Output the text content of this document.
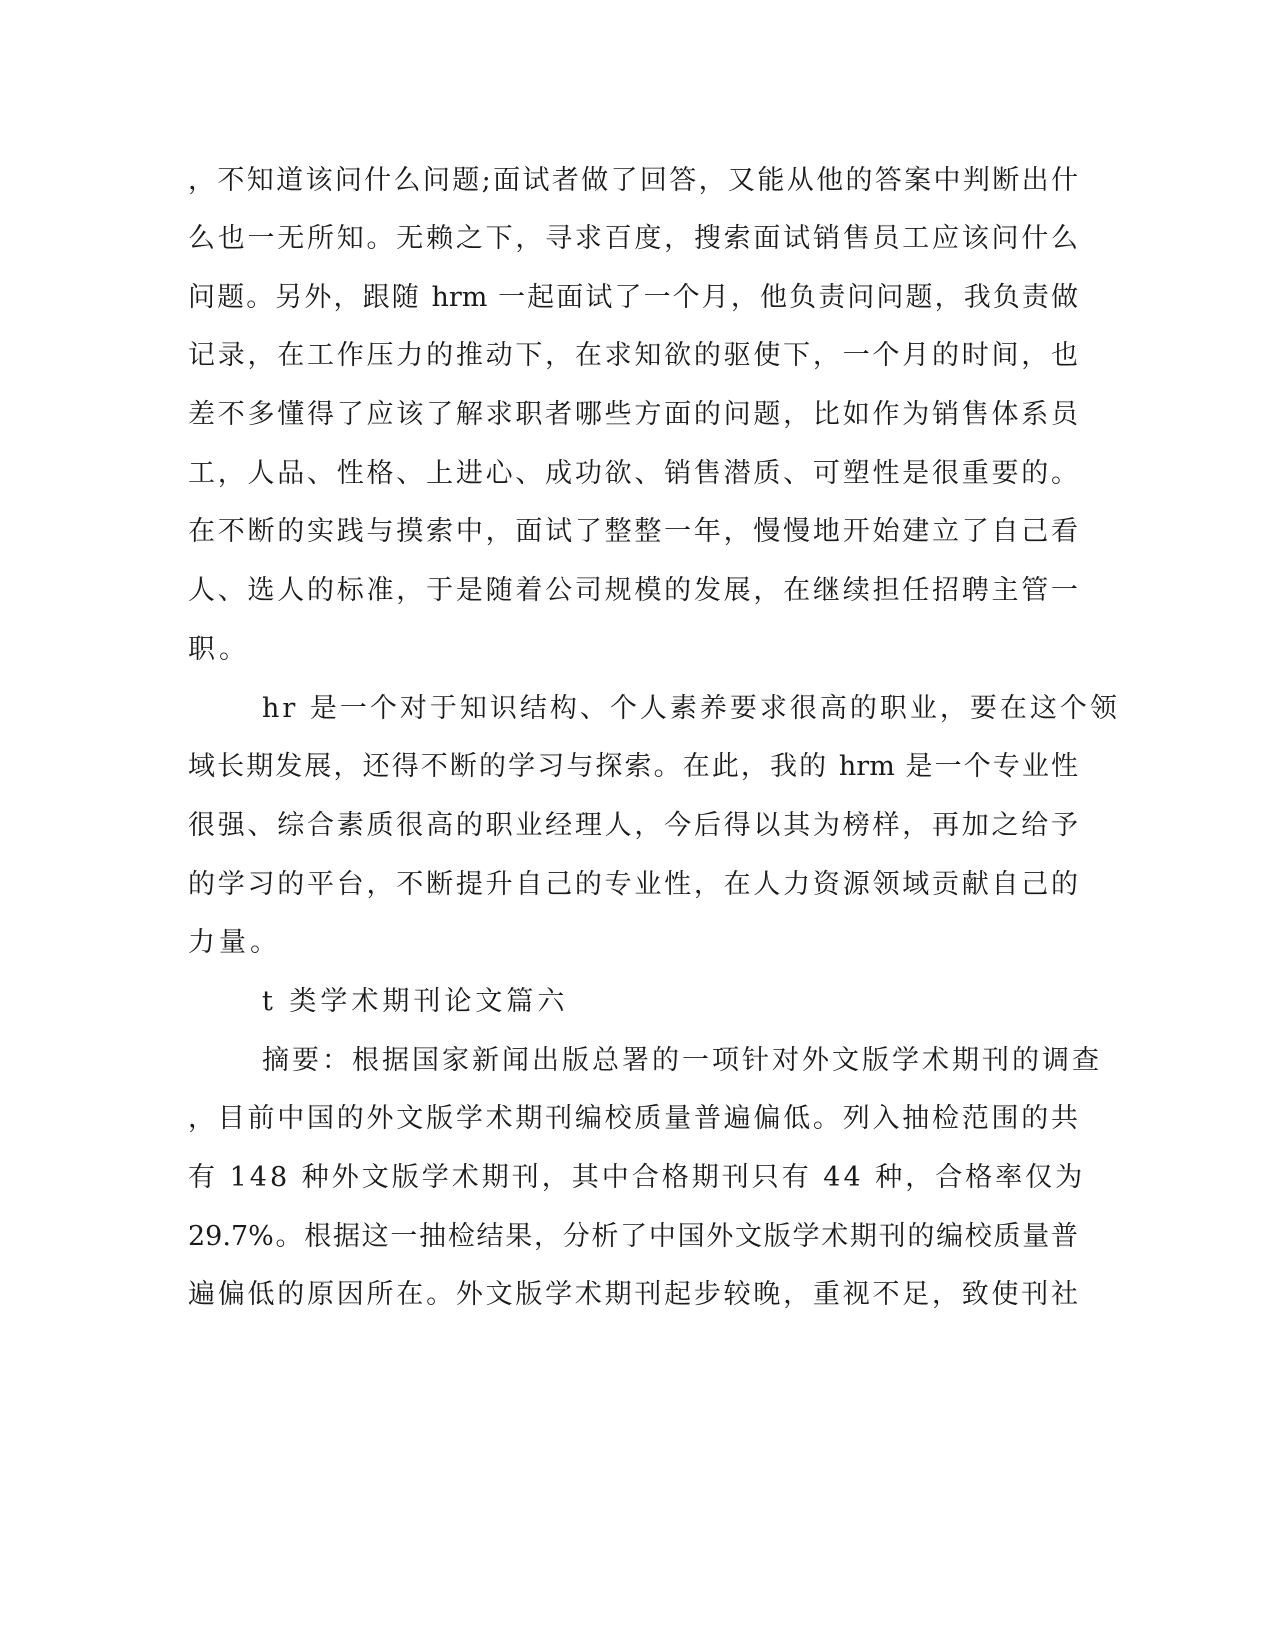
，不知道该问什么问题;面试者做了回答，又能从他的答案中判断出什

么也一无所知。无赖之下，寻求百度，搜索面试销售员工应该问什么

问题。另外，跟随 hrm 一起面试了一个月，他负责问问题，我负责做

记录，在工作压力的推动下，在求知欲的驱使下，一个月的时间，也

差不多懂得了应该了解求职者哪些方面的问题，比如作为销售体系员

工，人品、性格、上进心、成功欲、销售潜质、可塑性是很重要的。

在不断的实践与摸索中，面试了整整一年，慢慢地开始建立了自己看

人、选人的标准，于是随着公司规模的发展，在继续担任招聘主管一

职。

hr 是一个对于知识结构、个人素养要求很高的职业，要在这个领

域长期发展，还得不断的学习与探索。在此，我的 hrm 是一个专业性

很强、综合素质很高的职业经理人，今后得以其为榜样，再加之给予

的学习的平台，不断提升自己的专业性，在人力资源领域贡献自己的

力量。

t 类学术期刊论文篇六

摘要：根据国家新闻出版总署的一项针对外文版学术期刊的调查

，目前中国的外文版学术期刊编校质量普遍偏低。列入抽检范围的共

有 148 种外文版学术期刊，其中合格期刊只有 44 种，合格率仅为

29.7%。根据这一抽检结果，分析了中国外文版学术期刊的编校质量普

遍偏低的原因所在。外文版学术期刊起步较晚，重视不足，致使刊社
